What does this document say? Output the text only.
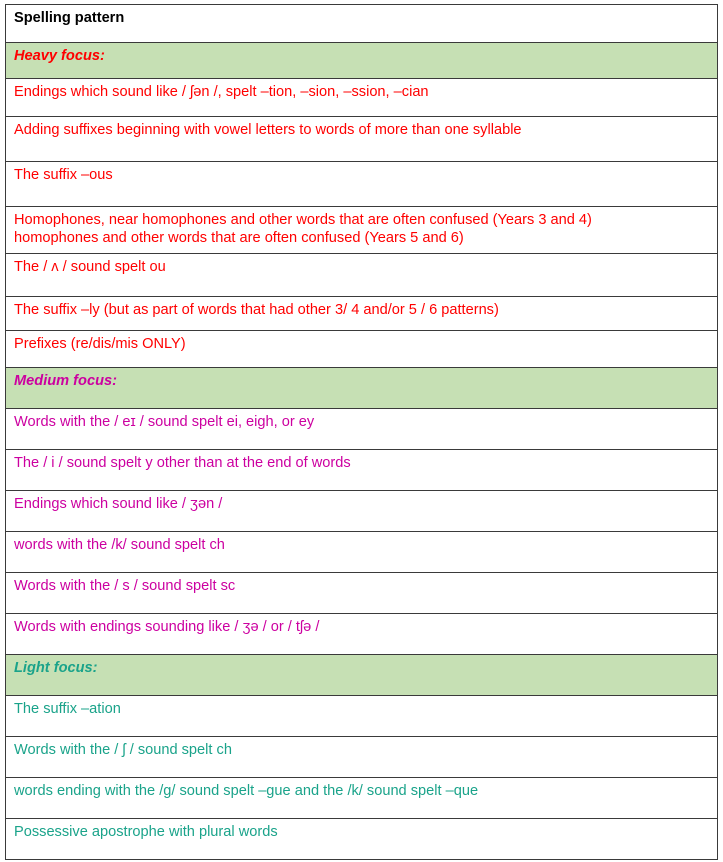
Spelling pattern
Heavy focus:
Endings which sound like / ʃən /, spelt –tion, –sion, –ssion, –cian
Adding suffixes beginning with vowel letters to words of more than one syllable
The suffix –ous

Homophones, near homophones and other words that are often confused (Years 3 and 4)
homophones and other words that are often confused (Years 5 and 6)

The / ʌ / sound spelt ou
The suffix –ly (but as part of words that had other 3/ 4 and/or 5 / 6 patterns)
Prefixes (re/dis/mis ONLY)
Medium focus:
Words with the / eɪ / sound spelt ei, eigh, or ey
The / i / sound spelt y other than at the end of words
Endings which sound like / ʒən /
words with the /k/ sound spelt ch
Words with the / s / sound spelt sc
Words with endings sounding like / ʒə / or / tʃə /
Light focus:
The suffix –ation
Words with the / ʃ / sound spelt ch
words ending with the /g/ sound spelt –gue and the /k/ sound spelt –que
Possessive apostrophe with plural words
